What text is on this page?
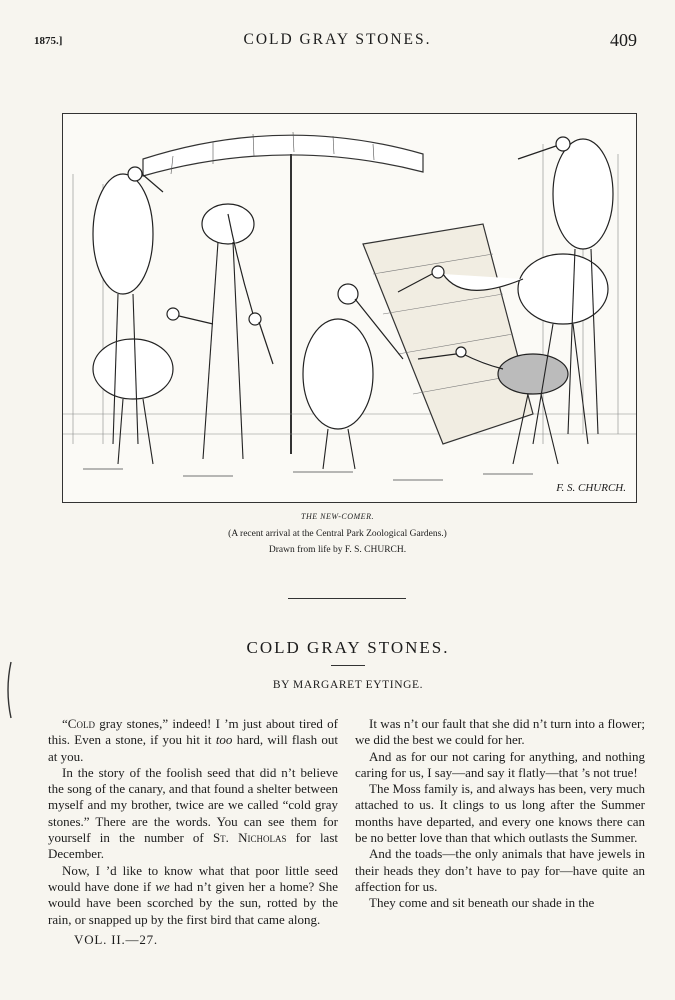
1875.]	COLD GRAY STONES.	409
F. S. CHURCH.
THE NEW-COMER.
(A recent arrival at the Central Park Zoological Gardens.)
Drawn from life by F. S. CHURCH.
COLD GRAY STONES.
BY MARGARET EYTINGE.

“Cold gray stones,” indeed! I ’m just about tired of this. Even a stone, if you hit it too hard, will flash out at you.

In the story of the foolish seed that did n’t believe the song of the canary, and that found a shelter between myself and my brother, twice are we called “cold gray stones.” There are the words. You can see them for yourself in the number of St. Nicholas for last December.

Now, I ’d like to know what that poor little seed would have done if we had n’t given her a home? She would have been scorched by the sun, rotted by the rain, or snapped up by the first bird that came along.

It was n’t our fault that she did n’t turn into a flower; we did the best we could for her.

And as for our not caring for anything, and nothing caring for us, I say—and say it flatly—that ’s not true!

The Moss family is, and always has been, very much attached to us. It clings to us long after the Summer months have departed, and every one knows there can be no better love than that which outlasts the Summer.

And the toads—the only animals that have jewels in their heads they don’t have to pay for—have quite an affection for us.

They come and sit beneath our shade in the

VOL. II.—27.
